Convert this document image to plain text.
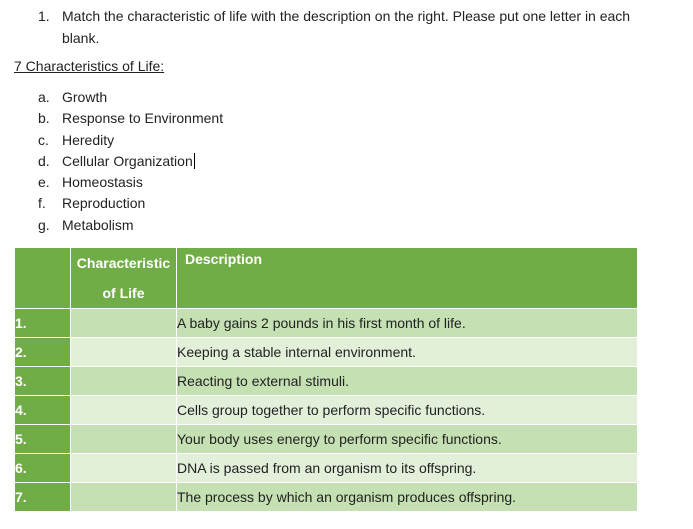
1. Match the characteristic of life with the description on the right. Please put one letter in each blank.
7 Characteristics of Life:
a. Growth
b. Response to Environment
c. Heredity
d. Cellular Organization
e. Homeostasis
f. Reproduction
g. Metabolism

	Characteristic
of Life	Description
1.		A baby gains 2 pounds in his first month of life.
2.		Keeping a stable internal environment.
3.		Reacting to external stimuli.
4.		Cells group together to perform specific functions.
5.		Your body uses energy to perform specific functions.
6.		DNA is passed from an organism to its offspring.
7.		The process by which an organism produces offspring.
